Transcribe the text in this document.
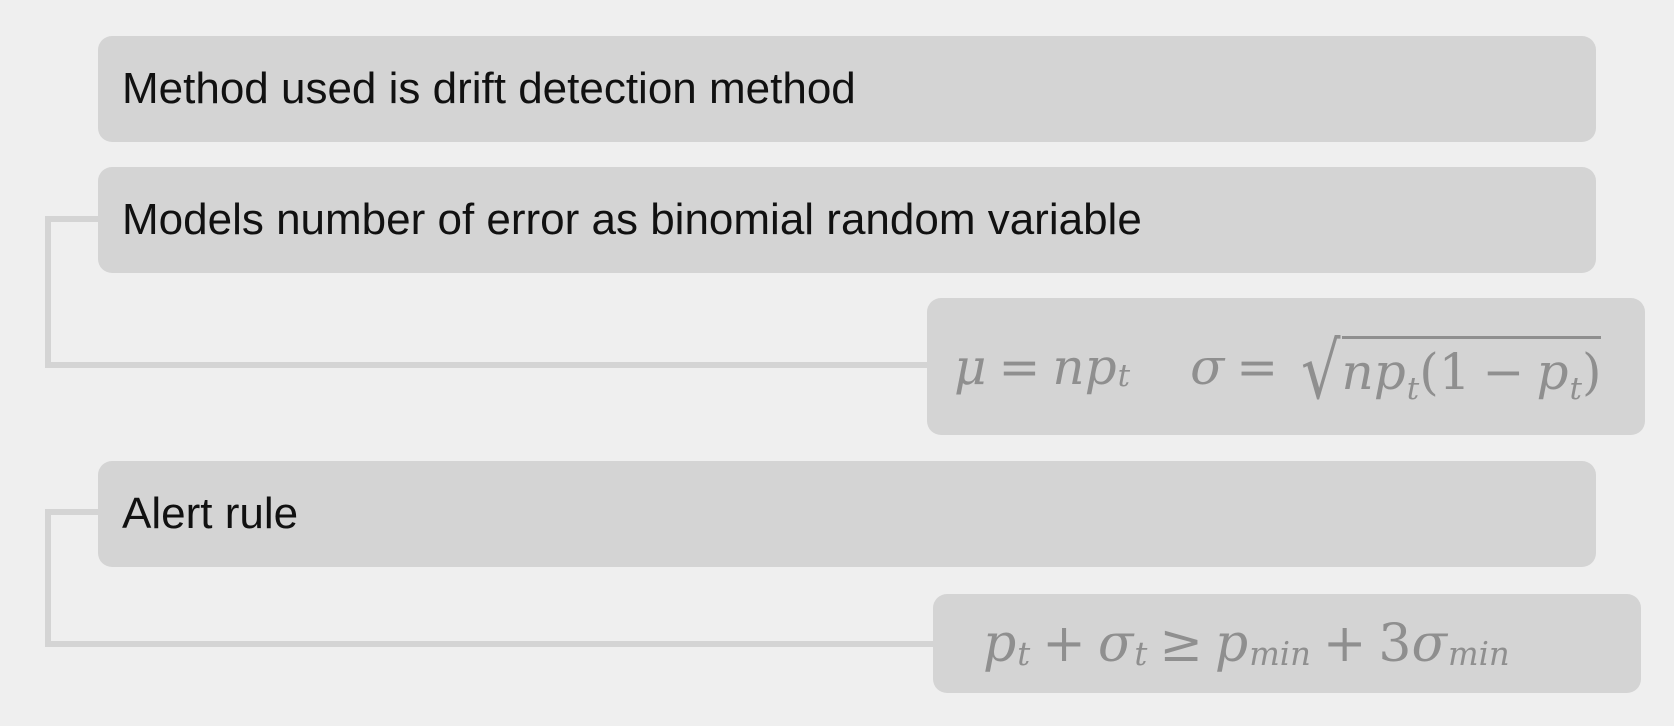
Method used is drift detection method
Models number of error as binomial random variable
Alert rule
μ = n p t σ = √ npt(1 − pt)
p t + σ t ≥ p min + 3 σ min
